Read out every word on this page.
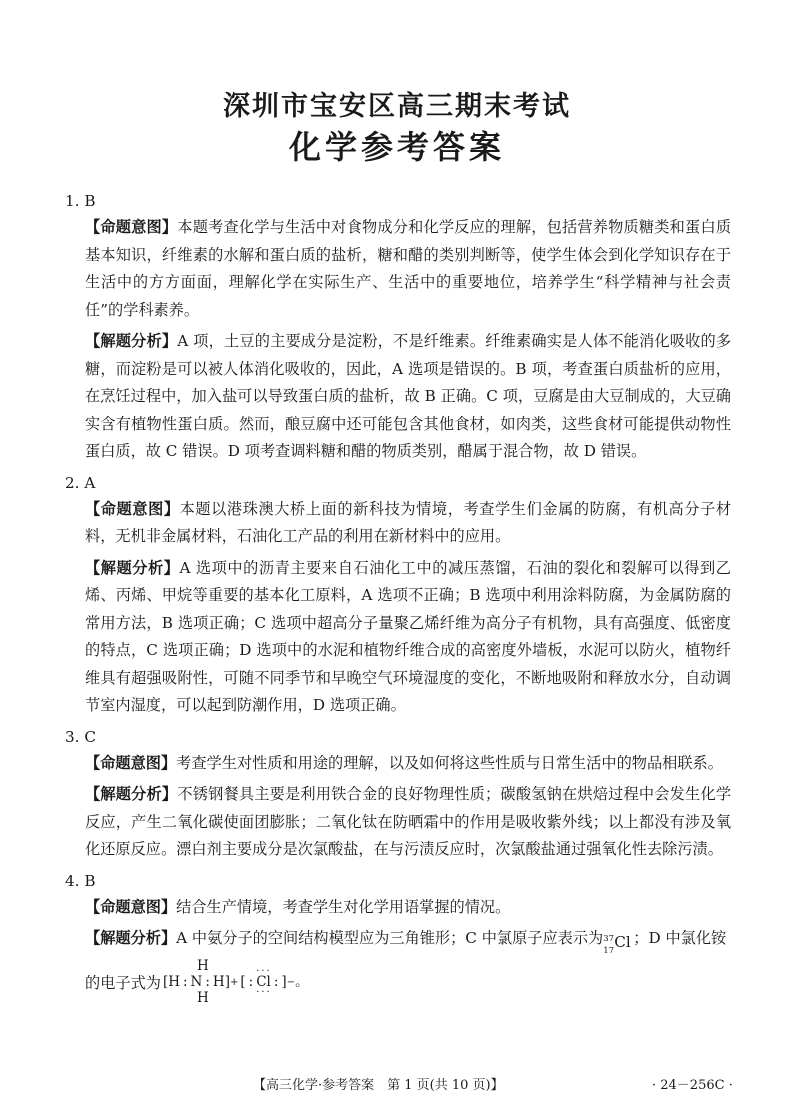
深圳市宝安区高三期末考试
化学参考答案
1. B

【命题意图】本题考查化学与生活中对食物成分和化学反应的理解，包括营养物质糖类和蛋白质基本知识，纤维素的水解和蛋白质的盐析，糖和醋的类别判断等，使学生体会到化学知识存在于生活中的方方面面，理解化学在实际生产、生活中的重要地位，培养学生“科学精神与社会责任”的学科素养。

【解题分析】A 项，土豆的主要成分是淀粉，不是纤维素。纤维素确实是人体不能消化吸收的多糖，而淀粉是可以被人体消化吸收的，因此，A 选项是错误的。B 项，考查蛋白质盐析的应用，在烹饪过程中，加入盐可以导致蛋白质的盐析，故 B 正确。C 项，豆腐是由大豆制成的，大豆确实含有植物性蛋白质。然而，酿豆腐中还可能包含其他食材，如肉类，这些食材可能提供动物性蛋白质，故 C 错误。D 项考查调料糖和醋的物质类别，醋属于混合物，故 D 错误。

2. A

【命题意图】本题以港珠澳大桥上面的新科技为情境，考查学生们金属的防腐，有机高分子材料，无机非金属材料，石油化工产品的利用在新材料中的应用。

【解题分析】A 选项中的沥青主要来自石油化工中的减压蒸馏，石油的裂化和裂解可以得到乙烯、丙烯、甲烷等重要的基本化工原料，A 选项不正确；B 选项中利用涂料防腐，为金属防腐的常用方法，B 选项正确；C 选项中超高分子量聚乙烯纤维为高分子有机物，具有高强度、低密度的特点，C 选项正确；D 选项中的水泥和植物纤维合成的高密度外墙板，水泥可以防火，植物纤维具有超强吸附性，可随不同季节和早晚空气环境湿度的变化，不断地吸附和释放水分，自动调节室内湿度，可以起到防潮作用，D 选项正确。

3. C

【命题意图】考查学生对性质和用途的理解，以及如何将这些性质与日常生活中的物品相联系。

【解题分析】不锈钢餐具主要是利用铁合金的良好物理性质；碳酸氢钠在烘焙过程中会发生化学反应，产生二氧化碳使面团膨胀；二氧化钛在防晒霜中的作用是吸收紫外线；以上都没有涉及氧化还原反应。漂白剂主要成分是次氯酸盐，在与污渍反应时，次氯酸盐通过强氧化性去除污渍。

4. B

【命题意图】结合生产情境，考查学生对化学用语掌握的情况。

【解题分析】A 中氨分子的空间结构模型应为三角锥形；C 中氯原子应表示为 37
17 Cl ；D 中氯化铵

的电子式为
H
[H : N : H] + [ :
···
Cl
···
: ] − 。
H
【高三化学·参考答案　第 1 页(共 10 页)】	· 24－256C ·
